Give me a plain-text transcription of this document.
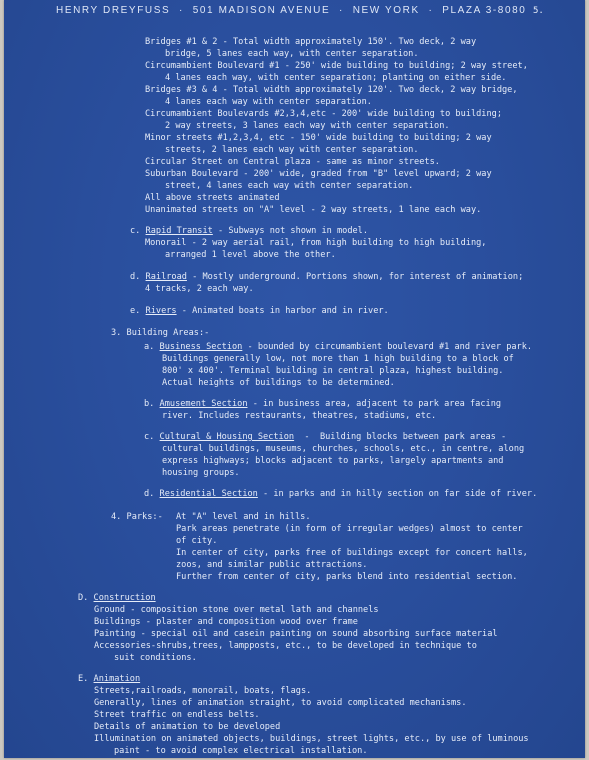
HENRY DREYFUSS  ·  501 MADISON AVENUE  ·  NEW YORK  ·  PLAZA 3-8080 5.
Bridges #1 & 2 - Total width approximately 150'. Two deck, 2 way
bridge, 5 lanes each way, with center separation.
Circumambient Boulevard #1 - 250' wide building to building; 2 way street,
4 lanes each way, with center separation; planting on either side.
Bridges #3 & 4 - Total width approximately 120'. Two deck, 2 way bridge,
4 lanes each way with center separation.
Circumambient Boulevards #2,3,4,etc - 200' wide building to building;
2 way streets, 3 lanes each way with center separation.
Minor streets #1,2,3,4, etc - 150' wide building to building; 2 way
streets, 2 lanes each way with center separation.
Circular Street on Central plaza - same as minor streets.
Suburban Boulevard - 200' wide, graded from "B" level upward; 2 way
street, 4 lanes each way with center separation.
All above streets animated
Unanimated streets on "A" level - 2 way streets, 1 lane each way.
c. Rapid Transit - Subways not shown in model.
Monorail - 2 way aerial rail, from high building to high building,
arranged 1 level above the other.
d. Railroad - Mostly underground. Portions shown, for interest of animation;
4 tracks, 2 each way.
e. Rivers - Animated boats in harbor and in river.
3. Building Areas:-
a. Business Section - bounded by circumambient boulevard #1 and river park.
Buildings generally low, not more than 1 high building to a block of
800' x 400'. Terminal building in central plaza, highest building.
Actual heights of buildings to be determined.
b. Amusement Section - in business area, adjacent to park area facing
river. Includes restaurants, theatres, stadiums, etc.
c. Cultural & Housing Section  -  Building blocks between park areas -
cultural buildings, museums, churches, schools, etc., in centre, along
express highways; blocks adjacent to parks, largely apartments and
housing groups.
d. Residential Section - in parks and in hilly section on far side of river.
4. Parks:- At "A" level and in hills.
Park areas penetrate (in form of irregular wedges) almost to center
of city.
In center of city, parks free of buildings except for concert halls,
zoos, and similar public attractions.
Further from center of city, parks blend into residential section.
D. Construction
Ground - composition stone over metal lath and channels
Buildings - plaster and composition wood over frame
Painting - special oil and casein painting on sound absorbing surface material
Accessories-shrubs,trees, lampposts, etc., to be developed in technique to
suit conditions.
E. Animation
Streets,railroads, monorail, boats, flags.
Generally, lines of animation straight, to avoid complicated mechanisms.
Street traffic on endless belts.
Details of animation to be developed
Illumination on animated objects, buildings, street lights, etc., by use of luminous
paint - to avoid complex electrical installation.
